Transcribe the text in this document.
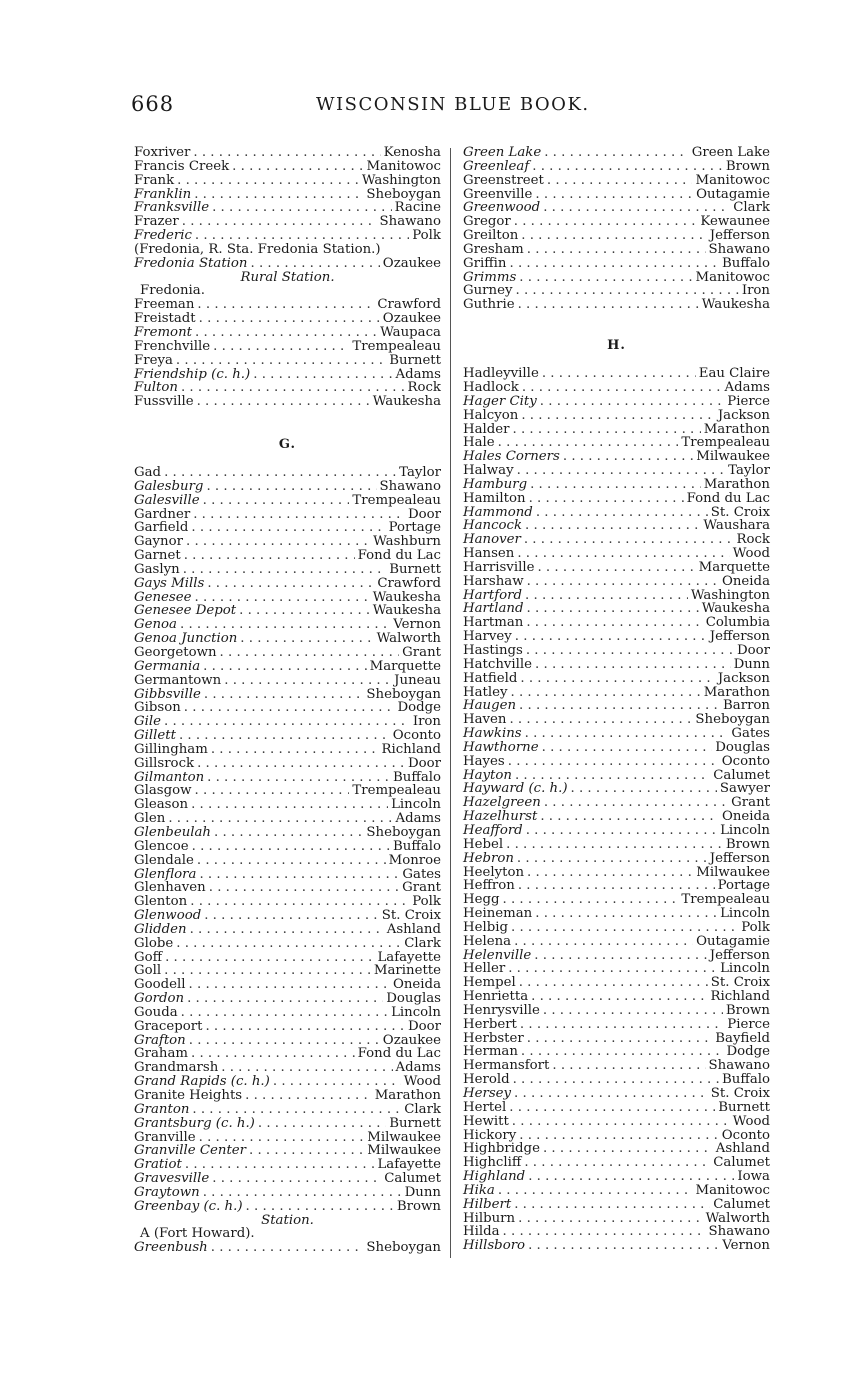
668	WISCONSIN BLUE BOOK.
Foxriver . . .	Kenosha
Francis Creek . . .	Manitowoc
Frank . . .	Washington
Franklin . . .	Sheboygan
Franksville . . .	Racine
Frazer . . .	Shawano
Frederic . . .	Polk
(Fredonia, R. Sta. Fredonia Station.)
Fredonia Station . . .	Ozaukee
Rural Station.
Fredonia.
Freeman . . .	Crawford
Freistadt . . .	Ozaukee
Fremont . . .	Waupaca
Frenchville . . .	Trempealeau
Freya . . .	Burnett
Friendship (c. h.) . . .	Adams
Fulton . . .	Rock
Fussville . . .	Waukesha
G.
Gad . . .	Taylor
Galesburg . . .	Shawano
Galesville . . .	Trempealeau
Gardner . . .	Door
Garfield . . .	Portage
Gaynor . . .	Washburn
Garnet . . .	Fond du Lac
Gaslyn . . .	Burnett
Gays Mills . . .	Crawford
Genesee . . .	Waukesha
Genesee Depot . . .	Waukesha
Genoa . . .	Vernon
Genoa Junction . . .	Walworth
Georgetown . . .	Grant
Germania . . .	Marquette
Germantown . . .	Juneau
Gibbsville . . .	Sheboygan
Gibson . . .	Dodge
Gile . . .	Iron
Gillett . . .	Oconto
Gillingham . . .	Richland
Gillsrock . . .	Door
Gilmanton . . .	Buffalo
Glasgow . . .	Trempealeau
Gleason . . .	Lincoln
Glen . . .	Adams
Glenbeulah . . .	Sheboygan
Glencoe . . .	Buffalo
Glendale . . .	Monroe
Glenflora . . .	Gates
Glenhaven . . .	Grant
Glenton . . .	Polk
Glenwood . . .	St. Croix
Glidden . . .	Ashland
Globe . . .	Clark
Goff . . .	Lafayette
Goll . . .	Marinette
Goodell . . .	Oneida
Gordon . . .	Douglas
Gouda . . .	Lincoln
Graceport . . .	Door
Grafton . . .	Ozaukee
Graham . . .	Fond du Lac
Grandmarsh . . .	Adams
Grand Rapids (c. h.) . . .	Wood
Granite Heights . . .	Marathon
Granton . . .	Clark
Grantsburg (c. h.) . . .	Burnett
Granville . . .	Milwaukee
Granville Center . . .	Milwaukee
Gratiot . . .	Lafayette
Gravesville . . .	Calumet
Graytown . . .	Dunn
Greenbay (c. h.) . . .	Brown
Station.
A (Fort Howard).
Greenbush . . .	Sheboygan
Green Lake . . .	Green Lake
Greenleaf . . .	Brown
Greenstreet . . .	Manitowoc
Greenville . . .	Outagamie
Greenwood . . .	Clark
Gregor . . .	Kewaunee
Greilton . . .	Jefferson
Gresham . . .	Shawano
Griffin . . .	Buffalo
Grimms . . .	Manitowoc
Gurney . . .	Iron
Guthrie . . .	Waukesha
H.
Hadleyville . . .	Eau Claire
Hadlock . . .	Adams
Hager City . . .	Pierce
Halcyon . . .	Jackson
Halder . . .	Marathon
Hale . . .	Trempealeau
Hales Corners . . .	Milwaukee
Halway . . .	Taylor
Hamburg . . .	Marathon
Hamilton . . .	Fond du Lac
Hammond . . .	St. Croix
Hancock . . .	Waushara
Hanover . . .	Rock
Hansen . . .	Wood
Harrisville . . .	Marquette
Harshaw . . .	Oneida
Hartford . . .	Washington
Hartland . . .	Waukesha
Hartman . . .	Columbia
Harvey . . .	Jefferson
Hastings . . .	Door
Hatchville . . .	Dunn
Hatfield . . .	Jackson
Hatley . . .	Marathon
Haugen . . .	Barron
Haven . . .	Sheboygan
Hawkins . . .	Gates
Hawthorne . . .	Douglas
Hayes . . .	Oconto
Hayton . . .	Calumet
Hayward (c. h.) . . .	Sawyer
Hazelgreen . . .	Grant
Hazelhurst . . .	Oneida
Heafford . . .	Lincoln
Hebel . . .	Brown
Hebron . . .	Jefferson
Heelyton . . .	Milwaukee
Heffron . . .	Portage
Hegg . . .	Trempealeau
Heineman . . .	Lincoln
Helbig . . .	Polk
Helena . . .	Outagamie
Helenville . . .	Jefferson
Heller . . .	Lincoln
Hempel . . .	St. Croix
Henrietta . . .	Richland
Henrysville . . .	Brown
Herbert . . .	Pierce
Herbster . . .	Bayfield
Herman . . .	Dodge
Hermansfort . . .	Shawano
Herold . . .	Buffalo
Hersey . . .	St. Croix
Hertel . . .	Burnett
Hewitt . . .	Wood
Hickory . . .	Oconto
Highbridge . . .	Ashland
Highcliff . . .	Calumet
Highland . . .	Iowa
Hika . . .	Manitowoc
Hilbert . . .	Calumet
Hilburn . . .	Walworth
Hilda . . .	Shawano
Hillsboro . . .	Vernon
